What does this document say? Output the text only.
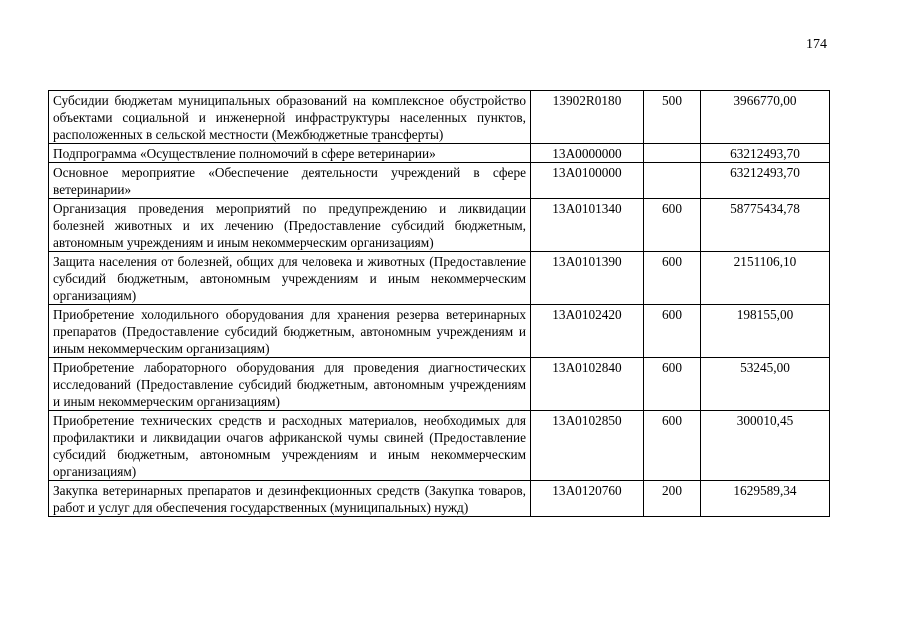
174
Субсидии бюджетам муниципальных образований на комплексное обустройство объектами социальной и инженерной инфраструктуры населенных пунктов, расположенных в сельской местности (Межбюджетные трансферты)	13902R0180	500	3966770,00
Подпрограмма «Осуществление полномочий в сфере ветеринарии»	13А0000000		63212493,70
Основное мероприятие «Обеспечение деятельности учреждений в сфере ветеринарии»	13А0100000		63212493,70
Организация проведения мероприятий по предупреждению и ликвидации болезней животных и их лечению (Предоставление субсидий бюджетным, автономным учреждениям и иным некоммерческим организациям)	13А0101340	600	58775434,78
Защита населения от болезней, общих для человека и животных (Предоставление субсидий бюджетным, автономным учреждениям и иным некоммерческим организациям)	13А0101390	600	2151106,10
Приобретение холодильного оборудования для хранения резерва ветеринарных препаратов (Предоставление субсидий бюджетным, автономным учреждениям и иным некоммерческим организациям)	13А0102420	600	198155,00
Приобретение лабораторного оборудования для проведения диагностических исследований (Предоставление субсидий бюджетным, автономным учреждениям и иным некоммерческим организациям)	13А0102840	600	53245,00
Приобретение технических средств и расходных материалов, необходимых для профилактики и ликвидации очагов африканской чумы свиней (Предоставление субсидий бюджетным, автономным учреждениям и иным некоммерческим организациям)	13А0102850	600	300010,45
Закупка ветеринарных препаратов и дезинфекционных средств (Закупка товаров, работ и услуг для обеспечения государственных (муниципальных) нужд)	13А0120760	200	1629589,34
